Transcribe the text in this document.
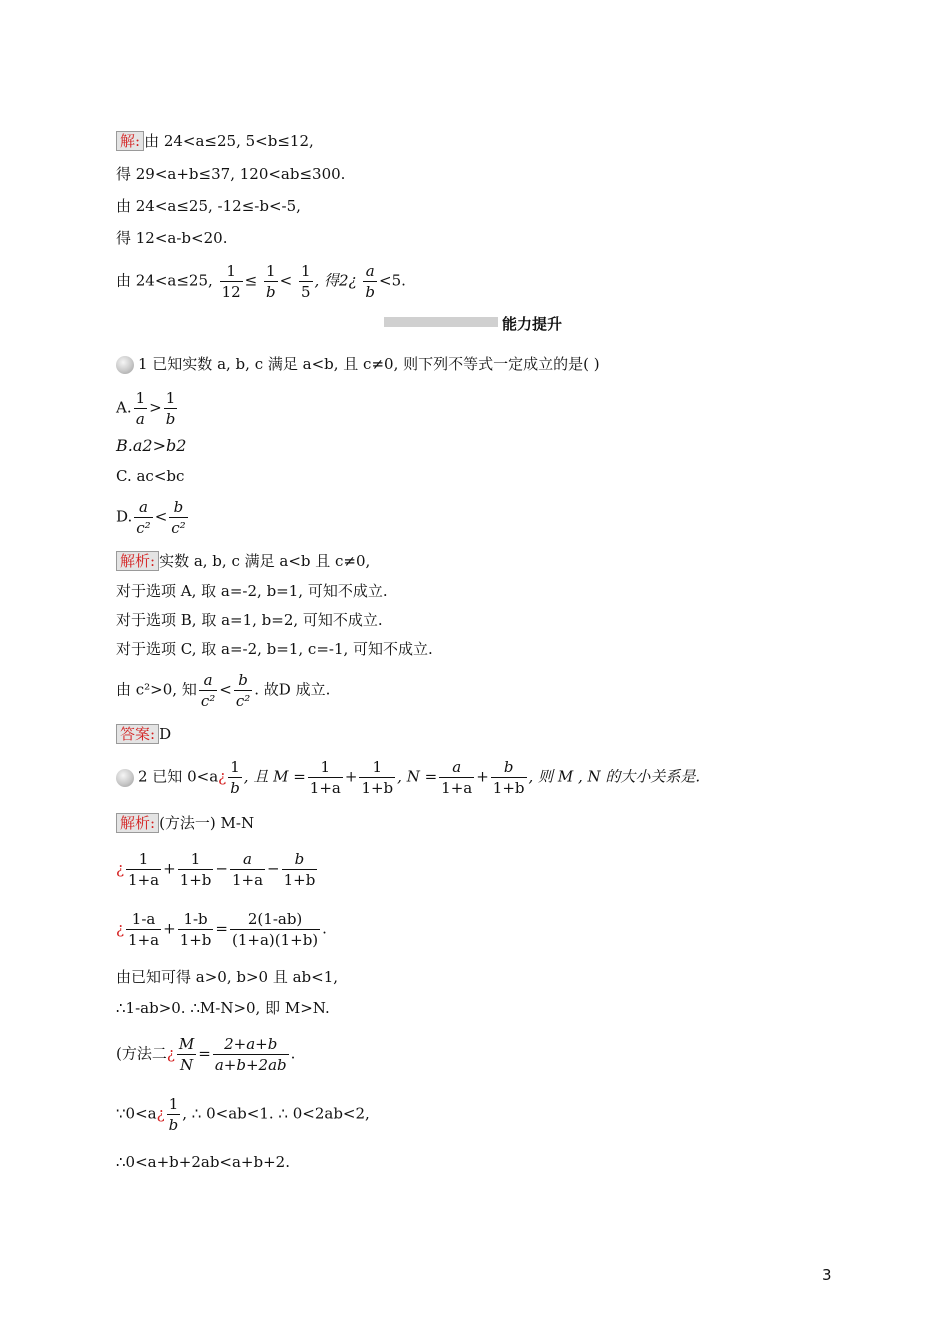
解: 由 24<a≤25, 5<b≤12,
得 29<a+b≤37, 120<ab≤300.
由 24<a≤25, -12≤-b<-5,
得 12<a-b<20.
由 24<a≤25, $\frac{1}{12} \le \frac{1}{b} < \frac{1}{5}$ , 得2¿ $\frac{a}{b} <5$.
能力提升
1 已知实数 a, b, c 满足 a<b, 且 c≠0, 则下列不等式一定成立的是( )
A. $\frac{1}{a} > \frac{1}{b}$
B.a2>b2
C. ac<bc
D. $\frac{a}{\text{c²}} < \frac{b}{\text{c²}}$
解析: 实数 a, b, c 满足 a<b 且 c≠0,
对于选项 A, 取 a=-2, b=1, 可知不成立.
对于选项 B, 取 a=1, b=2, 可知不成立.
对于选项 C, 取 a=-2, b=1, c=-1, 可知不成立.
由 c²>0, 知 $\frac{a}{\text{c²}} < \frac{b}{\text{c²}}$ . 故D 成立.
答案: D
2 已知 0<a¿ $\frac{1}{b}$ , 且 $M = \frac{1}{1+a} + \frac{1}{1+b}$ , $N = \frac{a}{1+a} + \frac{b}{1+b}$ , 则 M , N 的大小关系是.
解析: (方法一) M-N
¿ $\frac{1}{1+a} + \frac{1}{1+b} - \frac{a}{1+a} - \frac{b}{1+b}$
¿ $\frac{1-a}{1+a} + \frac{1-b}{1+b} = \frac{2(1-ab)}{(1+a)(1+b)}$ .
由已知可得 a>0, b>0 且 ab<1,
∴1-ab>0. ∴M-N>0, 即 M>N.
(方法二¿ $\frac{M}{N} = \frac{2+a+b}{a+b+2ab}$ .
∵0<a¿ $\frac{1}{b}$ , ∴ 0<ab<1. ∴ 0<2ab<2,
∴0<a+b+2ab<a+b+2.
3
